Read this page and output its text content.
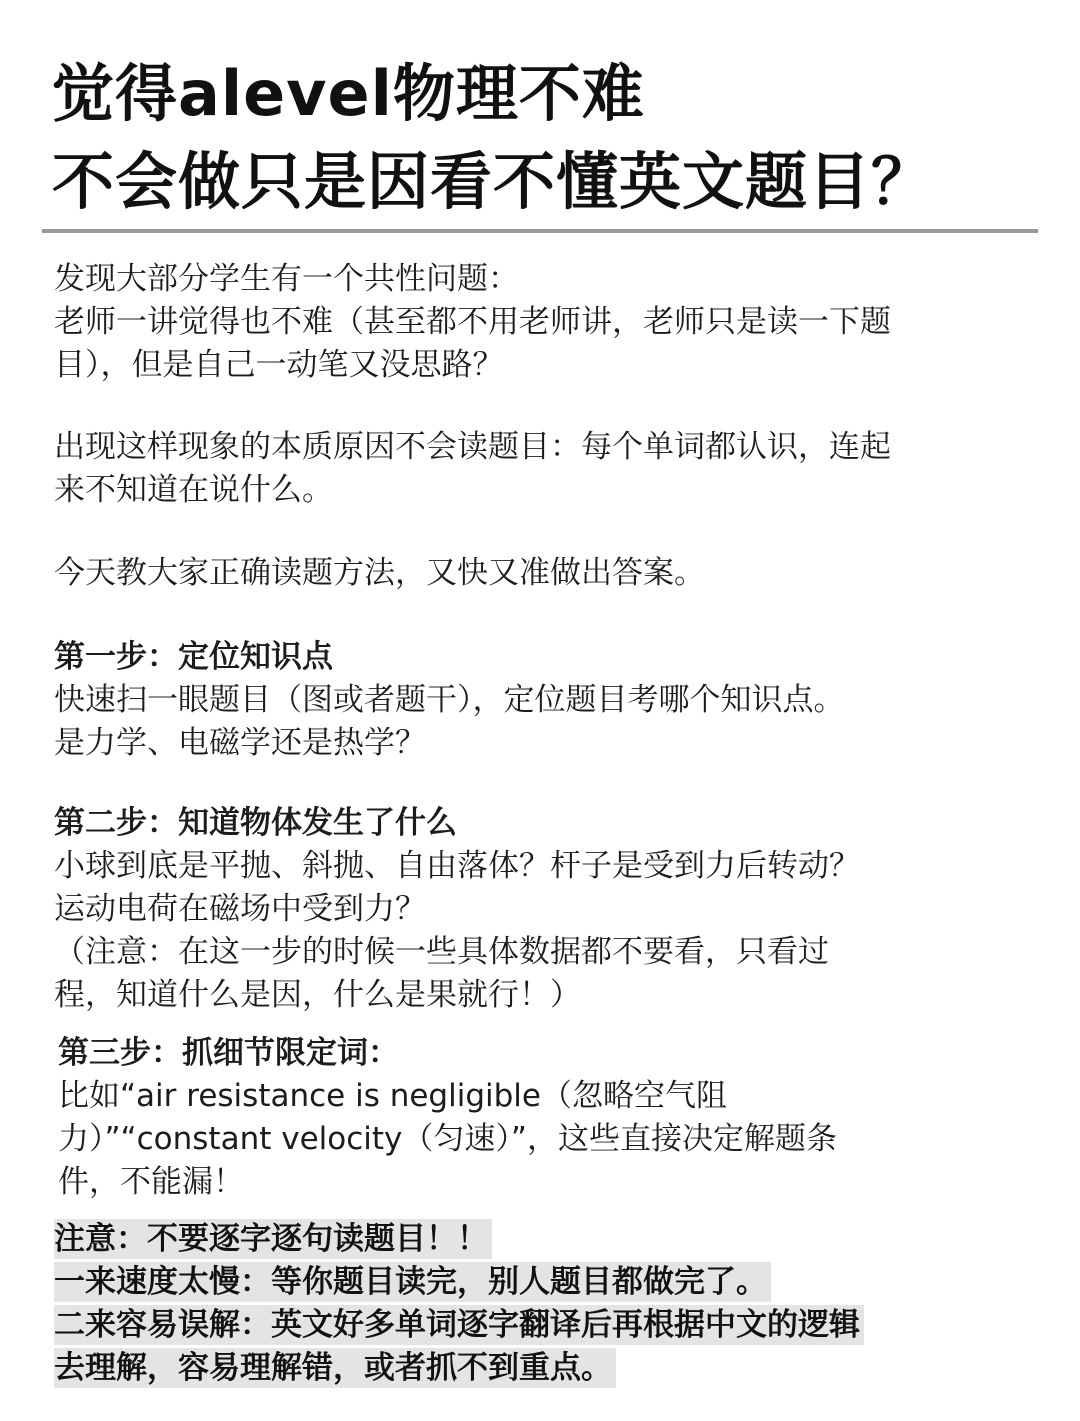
觉得alevel物理不难
不会做只是因看不懂英文题目？
发现大部分学生有一个共性问题：
老师一讲觉得也不难（甚至都不用老师讲，老师只是读一下题
目），但是自己一动笔又没思路？
出现这样现象的本质原因不会读题目：每个单词都认识，连起
来不知道在说什么。
今天教大家正确读题方法，又快又准做出答案。
第一步：定位知识点
快速扫一眼题目（图或者题干），定位题目考哪个知识点。
是力学、电磁学还是热学？
第二步：知道物体发生了什么
小球到底是平抛、斜抛、自由落体？杆子是受到力后转动？
运动电荷在磁场中受到力？
（注意：在这一步的时候一些具体数据都不要看，只看过
程，知道什么是因，什么是果就行！）
第三步：抓细节限定词：
比如“air resistance is negligible（忽略空气阻
力）”“constant velocity（匀速）”，这些直接决定解题条
件，不能漏！
注意：不要逐字逐句读题目！！
一来速度太慢：等你题目读完，别人题目都做完了。
二来容易误解：英文好多单词逐字翻译后再根据中文的逻辑
去理解，容易理解错，或者抓不到重点。
